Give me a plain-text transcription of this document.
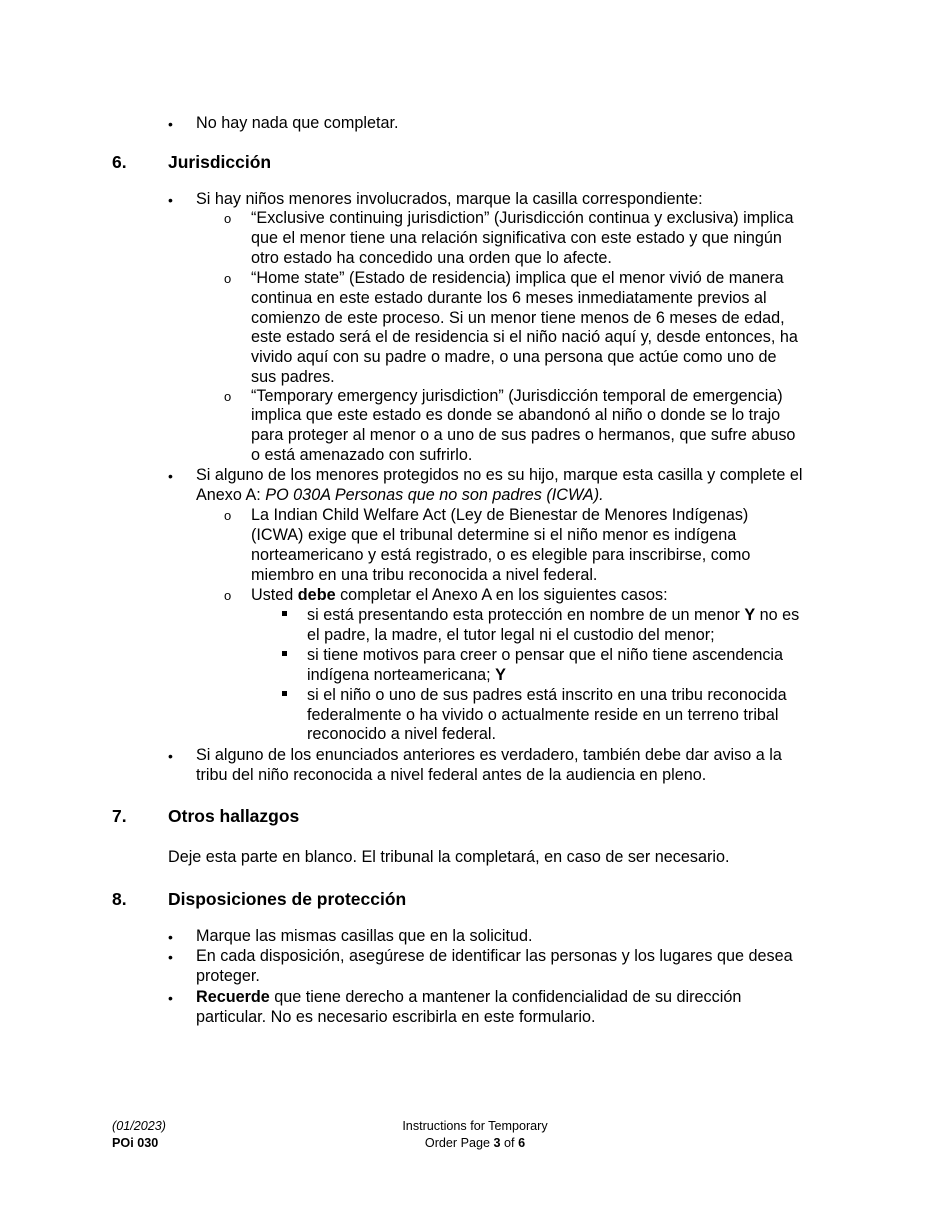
• No hay nada que completar.
6. Jurisdicción
• Si hay niños menores involucrados, marque la casilla correspondiente:
o “Exclusive continuing jurisdiction” (Jurisdicción continua y exclusiva) implica
que el menor tiene una relación significativa con este estado y que ningún
otro estado ha concedido una orden que lo afecte.
o “Home state” (Estado de residencia) implica que el menor vivió de manera
continua en este estado durante los 6 meses inmediatamente previos al
comienzo de este proceso. Si un menor tiene menos de 6 meses de edad,
este estado será el de residencia si el niño nació aquí y, desde entonces, ha
vivido aquí con su padre o madre, o una persona que actúe como uno de
sus padres.
o “Temporary emergency jurisdiction” (Jurisdicción temporal de emergencia)
implica que este estado es donde se abandonó al niño o donde se lo trajo
para proteger al menor o a uno de sus padres o hermanos, que sufre abuso
o está amenazado con sufrirlo.
• Si alguno de los menores protegidos no es su hijo, marque esta casilla y complete el
Anexo A: PO 030A Personas que no son padres (ICWA).
o La Indian Child Welfare Act (Ley de Bienestar de Menores Indígenas)
(ICWA) exige que el tribunal determine si el niño menor es indígena
norteamericano y está registrado, o es elegible para inscribirse, como
miembro en una tribu reconocida a nivel federal.
o Usted debe completar el Anexo A en los siguientes casos:
si está presentando esta protección en nombre de un menor Y no es
el padre, la madre, el tutor legal ni el custodio del menor;
si tiene motivos para creer o pensar que el niño tiene ascendencia
indígena norteamericana; Y
si el niño o uno de sus padres está inscrito en una tribu reconocida
federalmente o ha vivido o actualmente reside en un terreno tribal
reconocido a nivel federal.
• Si alguno de los enunciados anteriores es verdadero, también debe dar aviso a la
tribu del niño reconocida a nivel federal antes de la audiencia en pleno.
7. Otros hallazgos
Deje esta parte en blanco. El tribunal la completará, en caso de ser necesario.
8. Disposiciones de protección
• Marque las mismas casillas que en la solicitud.
• En cada disposición, asegúrese de identificar las personas y los lugares que desea
proteger.
• Recuerde que tiene derecho a mantener la confidencialidad de su dirección
particular. No es necesario escribirla en este formulario.
(01/2023)
POi 030
Instructions for Temporary
Order Page 3 of 6
